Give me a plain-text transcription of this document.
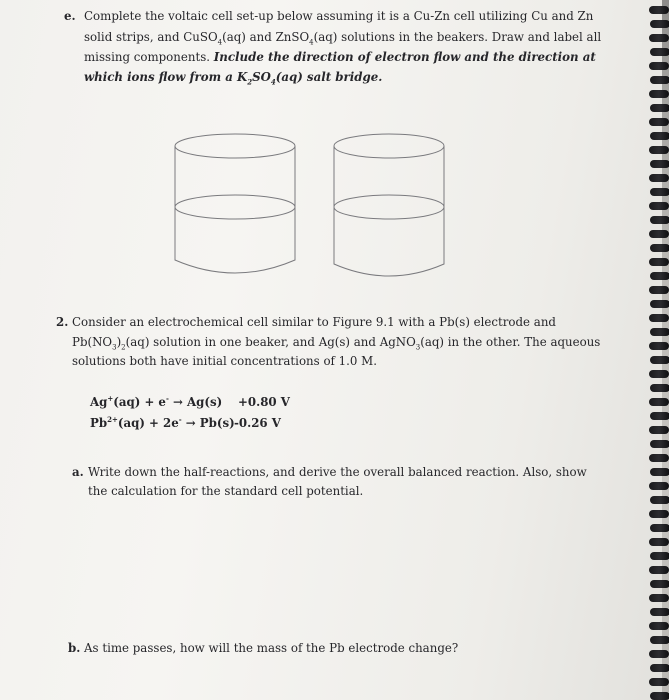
e. Complete the voltaic cell set-up below assuming it is a Cu-Zn cell utilizing Cu and Zn
solid strips, and CuSO$_4$(aq) and ZnSO$_4$(aq) solutions in the beakers. Draw and label all
missing components. Include the direction of electron flow and the direction at
which ions flow from a $K_2SO_4(aq)$ salt bridge.
2. Consider an electrochemical cell similar to Figure 9.1 with a Pb(s) electrode and
$Pb(NO_3)_2(aq)$ solution in one beaker, and Ag(s) and AgNO$_3$(aq) in the other. The aqueous
solutions both have initial concentrations of 1.0 M.
Ag+(aq) + e- → Ag(s) +0.80 V
$Pb^{2+}(aq) + 2e^- \to Pb(s)$ -0.26 V
a. Write down the half-reactions, and derive the overall balanced reaction. Also, show
the calculation for the standard cell potential.
b. As time passes, how will the mass of the Pb electrode change?
